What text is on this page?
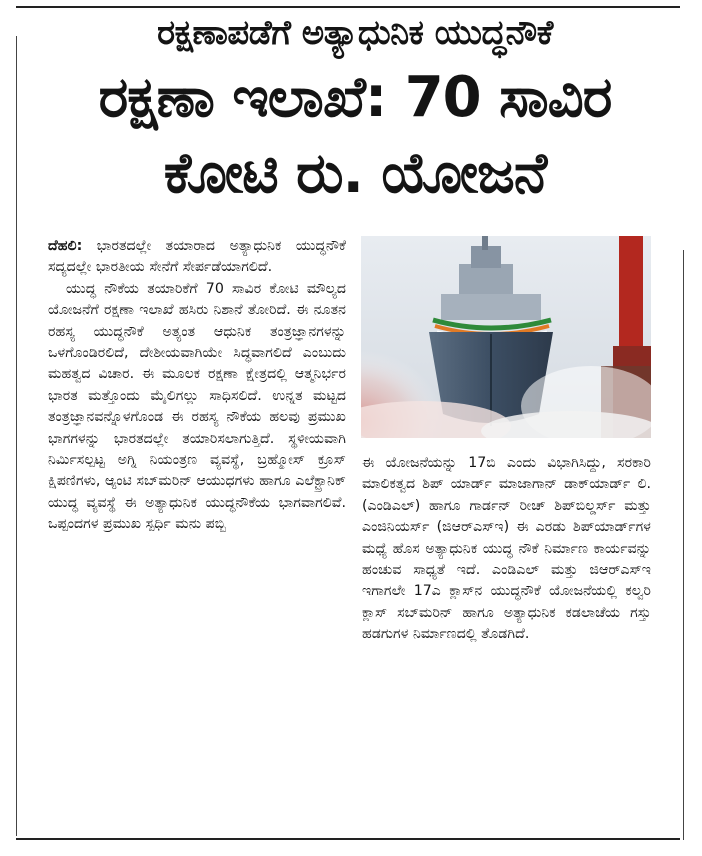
ರಕ್ಷಣಾಪಡೆಗೆ ಅತ್ಯಾಧುನಿಕ ಯುದ್ಧನೌಕೆ
ರಕ್ಷಣಾ ಇಲಾಖೆ: 70 ಸಾವಿರ
ಕೋಟಿ ರು. ಯೋಜನೆ

ದೆಹಲಿ: ಭಾರತದಲ್ಲೇ ತಯಾರಾದ ಅತ್ಯಾಧುನಿಕ ಯುದ್ಧನೌಕೆ ಸದ್ಯದಲ್ಲೇ ಭಾರತೀಯ ಸೇನೆಗೆ ಸೇರ್ಪಡೆಯಾಗಲಿದೆ.

ಯುದ್ಧ ನೌಕೆಯ ತಯಾರಿಕೆಗೆ 70 ಸಾವಿರ ಕೋಟಿ ಮೌಲ್ಯದ ಯೋಜನೆಗೆ ರಕ್ಷಣಾ ಇಲಾಖೆ ಹಸಿರು ನಿಶಾನೆ ತೋರಿದೆ. ಈ ನೂತನ ರಹಸ್ಯ ಯುದ್ಧನೌಕೆ ಅತ್ಯಂತ ಆಧುನಿಕ ತಂತ್ರಜ್ಞಾನಗಳನ್ನು ಒಳಗೊಂಡಿರಲಿದೆ, ದೇಶೀಯವಾಗಿಯೇ ಸಿದ್ಧವಾಗಲಿದೆ ಎಂಬುದು ಮಹತ್ವದ ವಿಚಾರ. ಈ ಮೂಲಕ ರಕ್ಷಣಾ ಕ್ಷೇತ್ರದಲ್ಲಿ ಆತ್ಮನಿರ್ಭರ ಭಾರತ ಮತ್ತೊಂದು ಮೈಲಿಗಲ್ಲು ಸಾಧಿಸಲಿದೆ. ಉನ್ನತ ಮಟ್ಟದ ತಂತ್ರಜ್ಞಾನವನ್ನೊಳಗೊಂಡ ಈ ರಹಸ್ಯ ನೌಕೆಯ ಹಲವು ಪ್ರಮುಖ ಭಾಗಗಳನ್ನು ಭಾರತದಲ್ಲೇ ತಯಾರಿಸಲಾಗುತ್ತಿದೆ. ಸ್ಥಳೀಯವಾಗಿ ನಿರ್ಮಿಸಲ್ಪಟ್ಟ ಅಗ್ನಿ ನಿಯಂತ್ರಣ ವ್ಯವಸ್ಥೆ, ಬ್ರಹ್ಮೋಸ್ ಕ್ರೂಸ್ ಕ್ಷಿಪಣಿಗಳು, ಆ್ಯಂಟಿ ಸಬ್‌ಮರಿನ್ ಆಯುಧಗಳು ಹಾಗೂ ಎಲೆಕ್ಟ್ರಾನಿಕ್ ಯುದ್ಧ ವ್ಯವಸ್ಥೆ ಈ ಅತ್ಯಾಧುನಿಕ ಯುದ್ಧನೌಕೆಯ ಭಾಗವಾಗಲಿವೆ. ಒಪ್ಪಂದಗಳ ಪ್ರಮುಖ ಸ್ಪರ್ಧಿ ಮನು ಪಬ್ಬಿ

ಈ ಯೋಜನೆಯನ್ನು 17ಬಿ ಎಂದು ವಿಭಾಗಿಸಿದ್ದು, ಸರಕಾರಿ ಮಾಲಿಕತ್ವದ ಶಿಪ್ ಯಾರ್ಡ್ ಮಾಜಾಗಾನ್ ಡಾಕ್‌ಯಾರ್ಡ್ ಲಿ.(ಎಂಡಿಎಲ್) ಹಾಗೂ ಗಾರ್ಡನ್ ರೀಚ್ ಶಿಪ್‌ಬಿಲ್ಡರ್ಸ್ ಮತ್ತು ಎಂಜಿನಿಯರ್ಸ್ (ಜಿಆರ್‌ಎಸ್‌ಇ) ಈ ಎರಡು ಶಿಪ್‌ಯಾರ್ಡ್‌ಗಳ ಮಧ್ಯೆ ಹೊಸ ಅತ್ಯಾಧುನಿಕ ಯುದ್ಧ ನೌಕೆ ನಿರ್ಮಾಣ ಕಾರ್ಯವನ್ನು ಹಂಚುವ ಸಾಧ್ಯತೆ ಇದೆ. ಎಂಡಿಎಲ್ ಮತ್ತು ಜಿಆರ್‌ಎಸ್‌ಇ ಇಗಾಗಲೇ 17ಎ ಕ್ಲಾಸ್‌ನ ಯುದ್ಧನೌಕೆ ಯೋಜನೆಯಲ್ಲಿ ಕಲ್ವರಿ ಕ್ಲಾಸ್ ಸಬ್‌ಮರಿನ್ ಹಾಗೂ ಅತ್ಯಾಧುನಿಕ ಕಡಲಾಚೆಯ ಗಸ್ತು ಹಡಗುಗಳ ನಿರ್ಮಾಣದಲ್ಲಿ ತೊಡಗಿದೆ.
